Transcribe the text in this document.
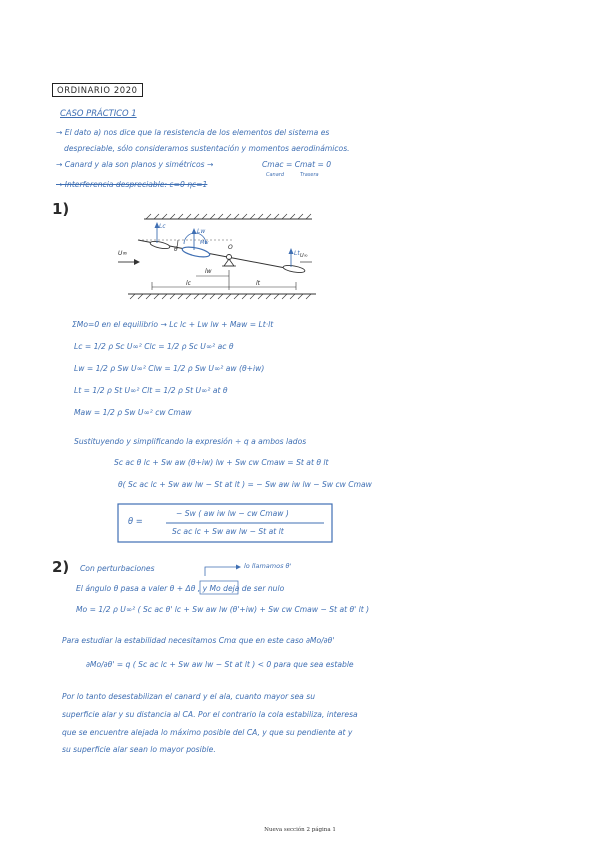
ORDINARIO 2020
CASO PRÁCTICO 1
→ El dato a) nos dice que la resistencia de los elementos del sistema es
despreciable, sólo consideramos sustentación y momentos aerodinámicos.
→ Canard y ala son planos y simétricos →	Cmac = Cmat = 0
Canard	Trasera
→ Interferencia despreciable: ε=0 ηc=1
1)
Lc
Lw
Mw
Lt
U∞	U∞
θ	O
lw
lc	lt
ΣMo=0 en el equilibrio → Lc lc + Lw lw + Maw = Lt·lt
Lc = 1/2 ρ Sc U∞² Clc = 1/2 ρ Sc U∞² ac θ
Lw = 1/2 ρ Sw U∞² Clw = 1/2 ρ Sw U∞² aw (θ+iw)
Lt = 1/2 ρ St U∞² Clt = 1/2 ρ St U∞² at θ
Maw = 1/2 ρ Sw U∞² cw Cmaw
Sustituyendo y simplificando la expresión ÷ q a ambos lados
Sc ac θ lc + Sw aw (θ+iw) lw + Sw cw Cmaw = St at θ lt
θ( Sc ac lc + Sw aw lw − St at lt ) = − Sw aw iw lw − Sw cw Cmaw
θ =
− Sw ( aw iw lw − cw Cmaw )
Sc ac lc + Sw aw lw − St at lt
2) Con perturbaciones	lo llamamos θ'
El ángulo θ pasa a valer θ + Δθ , y Mo deja de ser nulo
Mo = 1/2 ρ U∞² ( Sc ac θ' lc + Sw aw lw (θ'+iw) + Sw cw Cmaw − St at θ' lt )
Para estudiar la estabilidad necesitamos Cmα que en este caso ∂Mo/∂θ'
∂Mo/∂θ' = q ( Sc ac lc + Sw aw lw − St at lt ) < 0 para que sea estable
Por lo tanto desestabilizan el canard y el ala, cuanto mayor sea su
superficie alar y su distancia al CA. Por el contrario la cola estabiliza, interesa
que se encuentre alejada lo máximo posible del CA, y que su pendiente at y
su superficie alar sean lo mayor posible.
Nueva sección 2 página 1
